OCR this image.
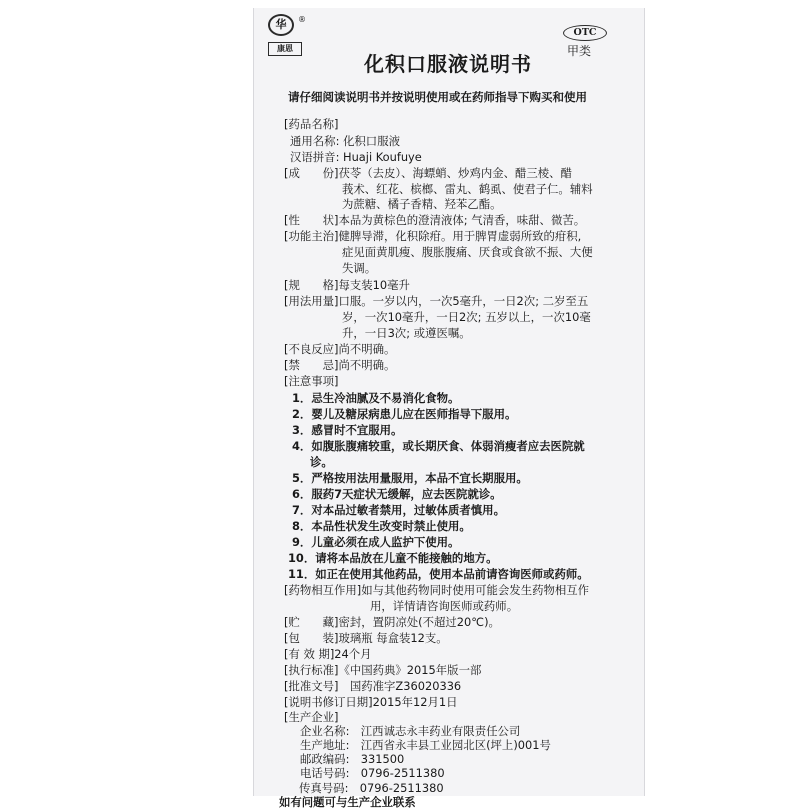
华	®
康恩
OTC
甲类
化积口服液说明书
请仔细阅读说明书并按说明使用或在药师指导下购买和使用
[药品名称]
通用名称: 化积口服液
汉语拼音: Huaji Koufuye
[成　　份]茯苓（去皮）、海螵蛸、炒鸡内金、醋三棱、醋
莪术、红花、槟榔、雷丸、鹤虱、使君子仁。辅料
为蔗糖、橘子香精、羟苯乙酯。
[性　　状]本品为黄棕色的澄清液体; 气清香，味甜、微苦。
[功能主治]健脾导滞，化积除疳。用于脾胃虚弱所致的疳积,
症见面黄肌瘦、腹胀腹痛、厌食或食欲不振、大便
失调。
[规　　格]每支装10毫升
[用法用量]口服。一岁以内，一次5毫升，一日2次; 二岁至五
岁，一次10毫升，一日2次; 五岁以上，一次10毫
升，一日3次; 或遵医嘱。
[不良反应]尚不明确。
[禁　　忌]尚不明确。
[注意事项]
1．忌生冷油腻及不易消化食物。
2．婴儿及糖尿病患儿应在医师指导下服用。
3．感冒时不宜服用。
4．如腹胀腹痛较重，或长期厌食、体弱消瘦者应去医院就
诊。
5．严格按用法用量服用，本品不宜长期服用。
6．服药7天症状无缓解，应去医院就诊。
7．对本品过敏者禁用，过敏体质者慎用。
8．本品性状发生改变时禁止使用。
9．儿童必须在成人监护下使用。
10．请将本品放在儿童不能接触的地方。
11．如正在使用其他药品，使用本品前请咨询医师或药师。
[药物相互作用]如与其他药物同时使用可能会发生药物相互作
用，详情请咨询医师或药师。
[贮　　藏]密封，置阴凉处(不超过20℃)。
[包　　装]玻璃瓶 每盒装12支。
[有 效 期]24个月
[执行标准]《中国药典》2015年版一部
[批准文号]　国药准字Z36020336
[说明书修订日期]2015年12月1日
[生产企业]
企业名称:　江西诚志永丰药业有限责任公司
生产地址:　江西省永丰县工业园北区(坪上)001号
邮政编码:　331500
电话号码:　0796-2511380
传真号码:　0796-2511380
如有问题可与生产企业联系
